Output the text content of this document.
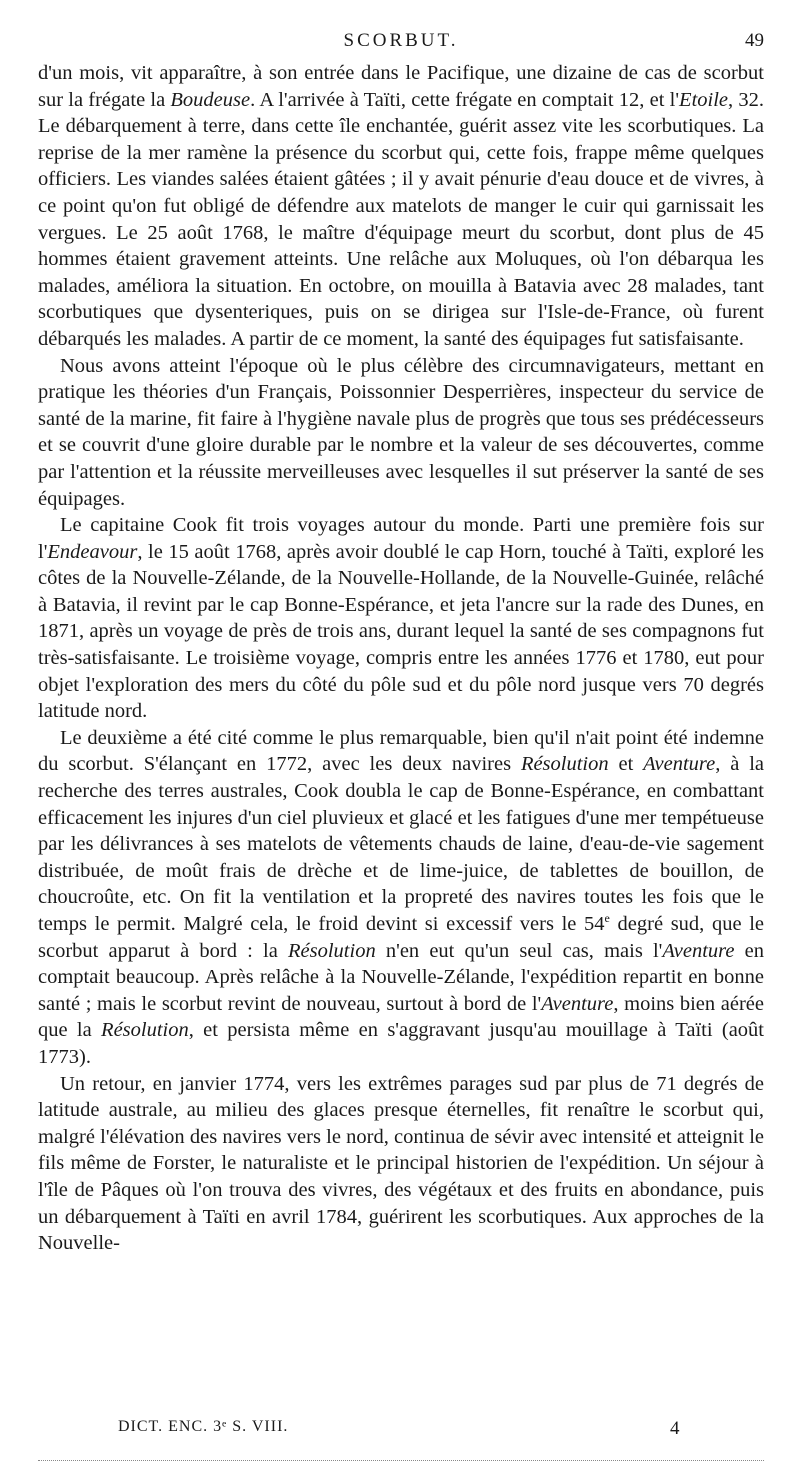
SCORBUT.	49

d'un mois, vit apparaître, à son entrée dans le Pacifique, une dizaine de cas de scorbut sur la frégate la Boudeuse. A l'arrivée à Taïti, cette frégate en comptait 12, et l'Etoile, 32. Le débarquement à terre, dans cette île enchantée, guérit assez vite les scorbutiques. La reprise de la mer ramène la présence du scorbut qui, cette fois, frappe même quelques officiers. Les viandes salées étaient gâtées ; il y avait pénurie d'eau douce et de vivres, à ce point qu'on fut obligé de défendre aux matelots de manger le cuir qui garnissait les vergues. Le 25 août 1768, le maître d'équipage meurt du scorbut, dont plus de 45 hommes étaient gravement atteints. Une relâche aux Moluques, où l'on débarqua les malades, améliora la situation. En octobre, on mouilla à Batavia avec 28 malades, tant scorbutiques que dysenteriques, puis on se dirigea sur l'Isle-de-France, où furent débarqués les malades. A partir de ce moment, la santé des équipages fut satisfaisante.

Nous avons atteint l'époque où le plus célèbre des circumnavigateurs, mettant en pratique les théories d'un Français, Poissonnier Desperrières, inspecteur du service de santé de la marine, fit faire à l'hygiène navale plus de progrès que tous ses prédécesseurs et se couvrit d'une gloire durable par le nombre et la valeur de ses découvertes, comme par l'attention et la réussite merveilleuses avec lesquelles il sut préserver la santé de ses équipages.

Le capitaine Cook fit trois voyages autour du monde. Parti une première fois sur l'Endeavour, le 15 août 1768, après avoir doublé le cap Horn, touché à Taïti, exploré les côtes de la Nouvelle-Zélande, de la Nouvelle-Hollande, de la Nouvelle-Guinée, relâché à Batavia, il revint par le cap Bonne-Espérance, et jeta l'ancre sur la rade des Dunes, en 1871, après un voyage de près de trois ans, durant lequel la santé de ses compagnons fut très-satisfaisante. Le troisième voyage, compris entre les années 1776 et 1780, eut pour objet l'exploration des mers du côté du pôle sud et du pôle nord jusque vers 70 degrés latitude nord.

Le deuxième a été cité comme le plus remarquable, bien qu'il n'ait point été indemne du scorbut. S'élançant en 1772, avec les deux navires Résolution et Aventure, à la recherche des terres australes, Cook doubla le cap de Bonne-Espérance, en combattant efficacement les injures d'un ciel pluvieux et glacé et les fatigues d'une mer tempétueuse par les délivrances à ses matelots de vêtements chauds de laine, d'eau-de-vie sagement distribuée, de moût frais de drèche et de lime-juice, de tablettes de bouillon, de choucroûte, etc. On fit la ventilation et la propreté des navires toutes les fois que le temps le permit. Malgré cela, le froid devint si excessif vers le 54e degré sud, que le scorbut apparut à bord : la Résolution n'en eut qu'un seul cas, mais l'Aventure en comptait beaucoup. Après relâche à la Nouvelle-Zélande, l'expédition repartit en bonne santé ; mais le scorbut revint de nouveau, surtout à bord de l'Aventure, moins bien aérée que la Résolution, et persista même en s'aggravant jusqu'au mouillage à Taïti (août 1773).

Un retour, en janvier 1774, vers les extrêmes parages sud par plus de 71 degrés de latitude australe, au milieu des glaces presque éternelles, fit renaître le scorbut qui, malgré l'élévation des navires vers le nord, continua de sévir avec intensité et atteignit le fils même de Forster, le naturaliste et le principal historien de l'expédition. Un séjour à l'île de Pâques où l'on trouva des vivres, des végétaux et des fruits en abondance, puis un débarquement à Taïti en avril 1784, guérirent les scorbutiques. Aux approches de la Nouvelle-

DICT. ENC. 3ᵉ S. VIII.	4
